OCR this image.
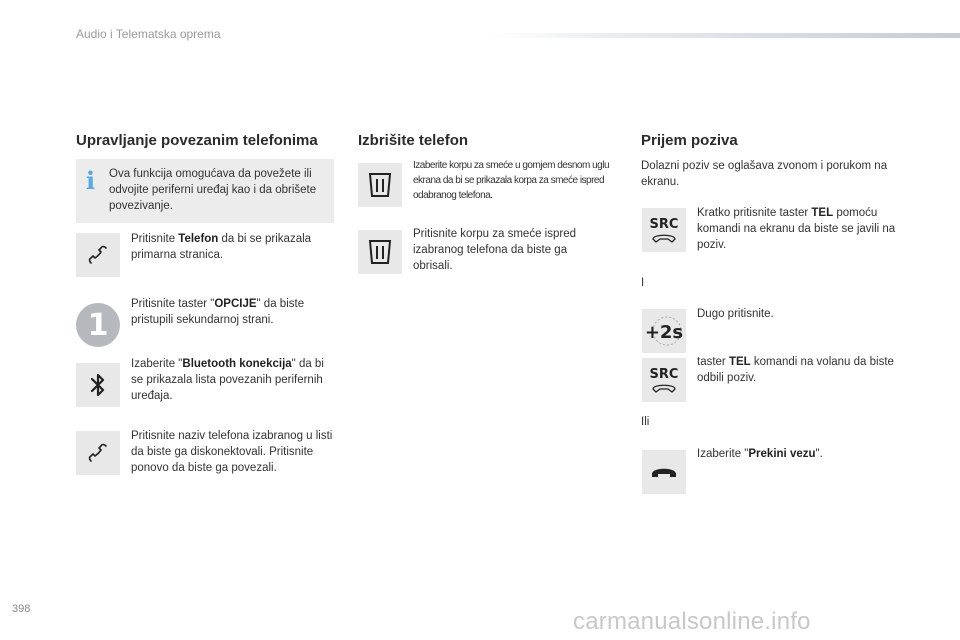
Audio i Telematska oprema
Upravljanje povezanim telefonima
i Ova funkcija omogućava da povežete ili odvojite periferni uređaj kao i da obrišete povezivanje.
Pritisnite Telefon da bi se prikazala primarna stranica.
1
Pritisnite taster "OPCIJE" da biste pristupili sekundarnoj strani.
Izaberite "Bluetooth konekcija" da bi se prikazala lista povezanih perifernih uređaja.
Pritisnite naziv telefona izabranog u listi da biste ga diskonektovali. Pritisnite ponovo da biste ga povezali.
Izbrišite telefon
Izaberite korpu za smeće u gornjem desnom uglu ekrana da bi se prikazala korpa za smeće ispred odabranog telefona.
Pritisnite korpu za smeće ispred izabranog telefona da biste ga obrisali.
Prijem poziva
Dolazni poziv se oglašava zvonom i porukom na ekranu.
SRC
Kratko pritisnite taster TEL pomoću komandi na ekranu da biste se javili na poziv.
I
+2s
Dugo pritisnite.
SRC
taster TEL komandi na volanu da biste odbili poziv.
Ili
Izaberite "Prekini vezu".
398	carmanualsonline.info
